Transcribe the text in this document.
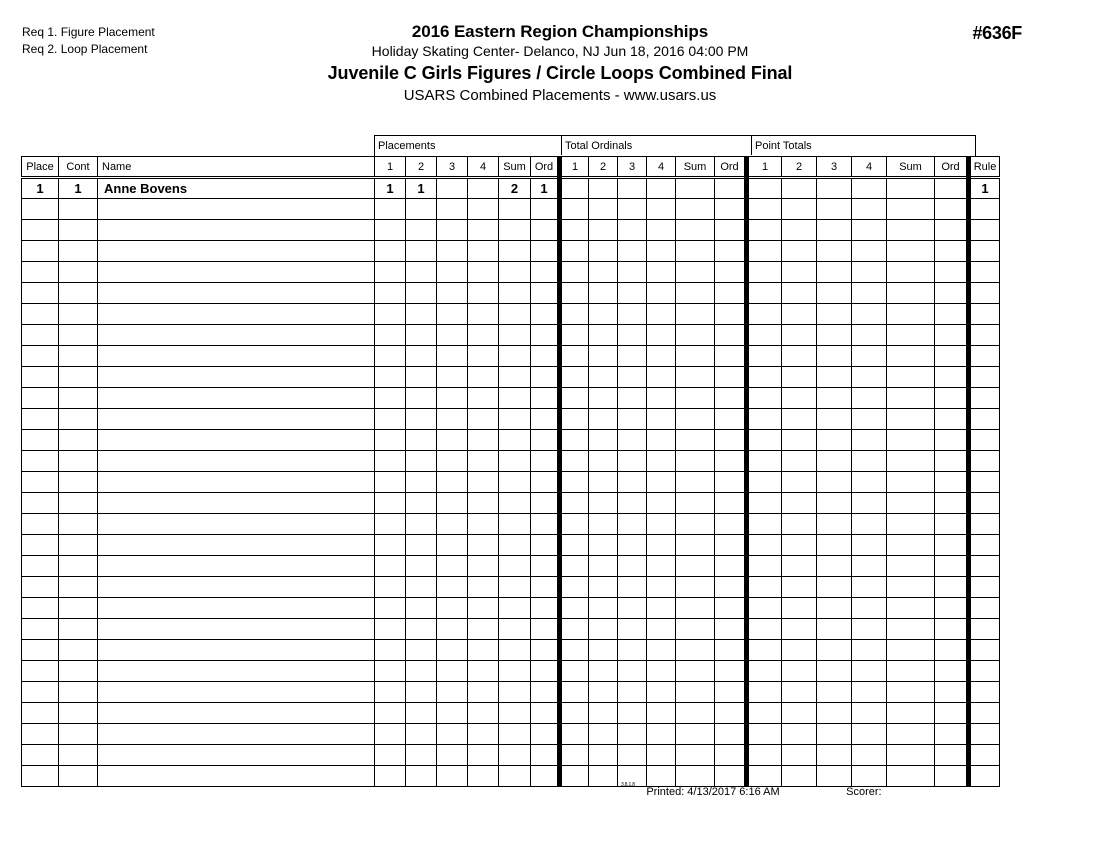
Req 1. Figure Placement
Req 2. Loop Placement
2016 Eastern Region Championships
Holiday Skating Center- Delanco, NJ Jun 18, 2016 04:00 PM
Juvenile C Girls Figures / Circle Loops Combined Final
USARS Combined Placements - www.usars.us
#636F
Placements	Total Ordinals	Point Totals
Place	Cont	Name	1	2	3	4	Sum	Ord	1	2	3	4	Sum	Ord	1	2	3	4	Sum	Ord	Rule
1	1	Anne Bovens	1	1			2	1													1

$^{3.8.1.8}$ Printed: 4/13/2017 6:16 AM	Scorer:
